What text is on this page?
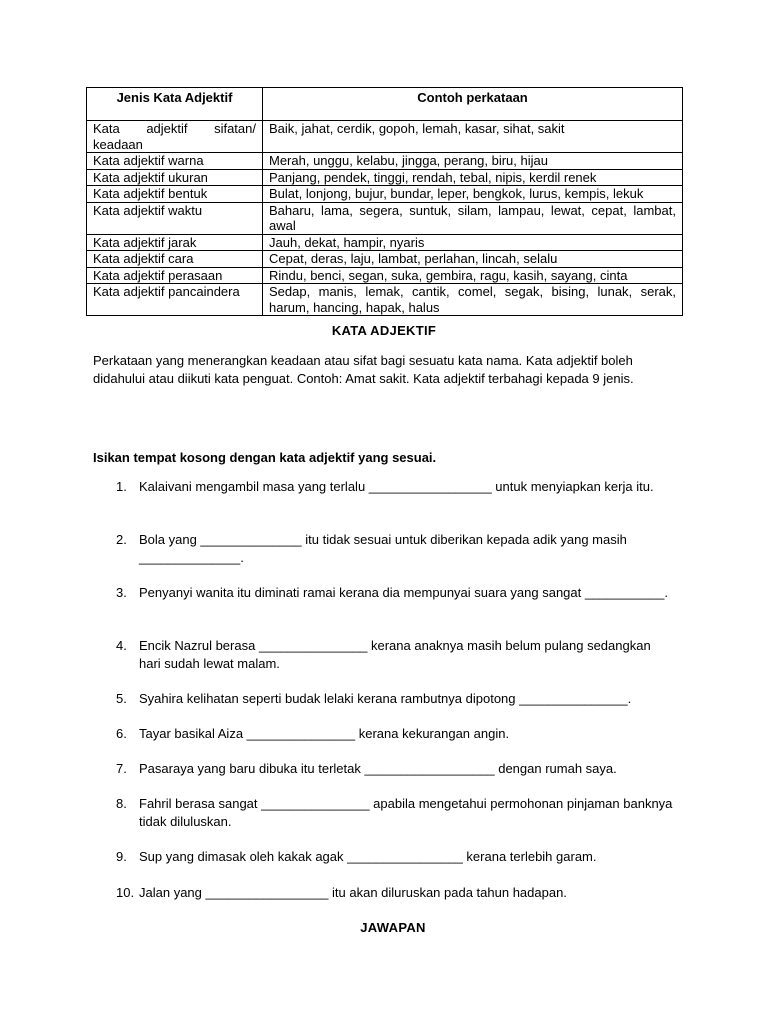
Jenis Kata Adjektif	Contoh perkataan
Kata adjektif sifatan/ keadaan	Baik, jahat, cerdik, gopoh, lemah, kasar, sihat, sakit
Kata adjektif warna	Merah, unggu, kelabu, jingga, perang, biru, hijau
Kata adjektif ukuran	Panjang, pendek, tinggi, rendah, tebal, nipis, kerdil renek
Kata adjektif bentuk	Bulat, lonjong, bujur, bundar, leper, bengkok, lurus, kempis, lekuk
Kata adjektif waktu	Baharu, lama, segera, suntuk, silam, lampau, lewat, cepat, lambat, awal
Kata adjektif jarak	Jauh, dekat, hampir, nyaris
Kata adjektif cara	Cepat, deras, laju, lambat, perlahan, lincah, selalu
Kata adjektif perasaan	Rindu, benci, segan, suka, gembira, ragu, kasih, sayang, cinta
Kata adjektif pancaindera	Sedap, manis, lemak, cantik, comel, segak, bising, lunak, serak, harum, hancing, hapak, halus
KATA ADJEKTIF
Perkataan yang menerangkan keadaan atau sifat bagi sesuatu kata nama. Kata adjektif boleh didahului atau diikuti kata penguat. Contoh: Amat sakit. Kata adjektif terbahagi kepada 9 jenis.
Isikan tempat kosong dengan kata adjektif yang sesuai.
1. Kalaivani mengambil masa yang terlalu _________________ untuk menyiapkan kerja itu.
2. Bola yang ______________ itu tidak sesuai untuk diberikan kepada adik yang masih ______________.
3. Penyanyi wanita itu diminati ramai kerana dia mempunyai suara yang sangat ___________.
4. Encik Nazrul berasa _______________ kerana anaknya masih belum pulang sedangkan hari sudah lewat malam.
5. Syahira kelihatan seperti budak lelaki kerana rambutnya dipotong _______________.
6. Tayar basikal Aiza _______________ kerana kekurangan angin.
7. Pasaraya yang baru dibuka itu terletak __________________ dengan rumah saya.
8. Fahril berasa sangat _______________ apabila mengetahui permohonan pinjaman banknya tidak diluluskan.
9. Sup yang dimasak oleh kakak agak ________________ kerana terlebih garam.
10. Jalan yang _________________ itu akan diluruskan pada tahun hadapan.
JAWAPAN
